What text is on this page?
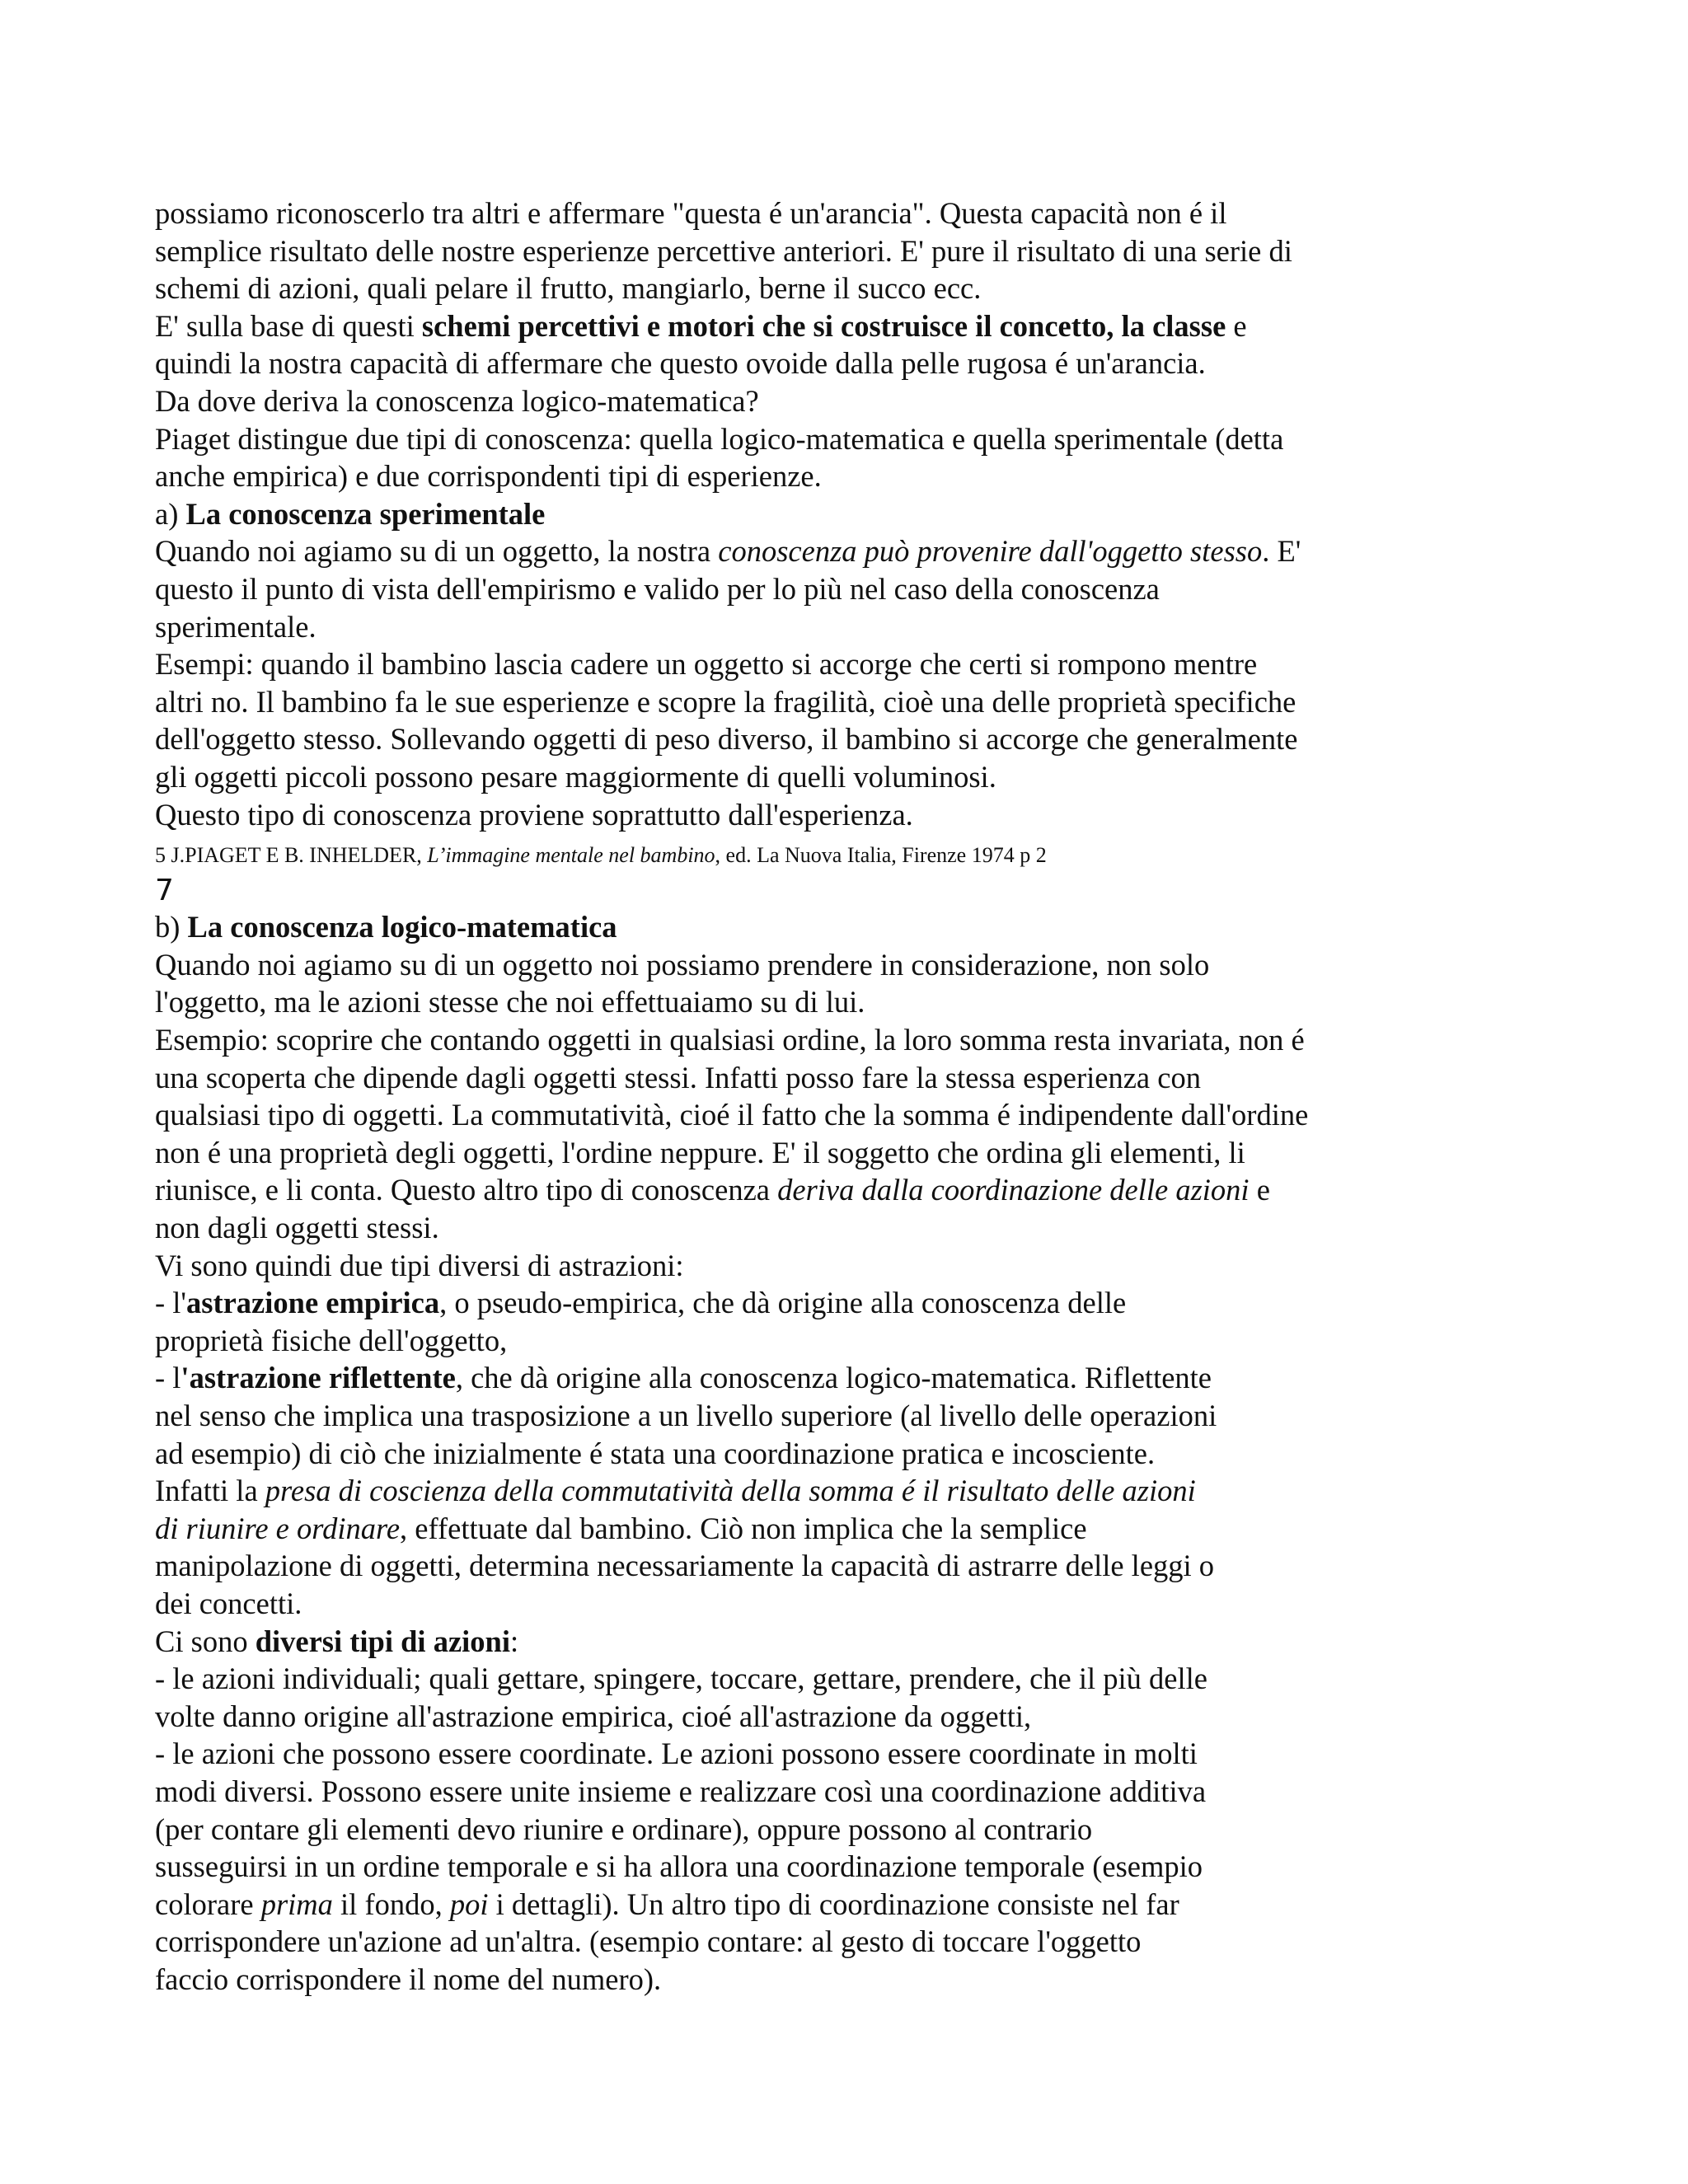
possiamo riconoscerlo tra altri e affermare "questa é un'arancia". Questa capacità non é il
semplice risultato delle nostre esperienze percettive anteriori. E' pure il risultato di una serie di
schemi di azioni, quali pelare il frutto, mangiarlo, berne il succo ecc.
E' sulla base di questi schemi percettivi e motori che si costruisce il concetto, la classe e
quindi la nostra capacità di affermare che questo ovoide dalla pelle rugosa é un'arancia.
Da dove deriva la conoscenza logico-matematica?
Piaget distingue due tipi di conoscenza: quella logico-matematica e quella sperimentale (detta
anche empirica) e due corrispondenti tipi di esperienze.
a) La conoscenza sperimentale
Quando noi agiamo su di un oggetto, la nostra conoscenza può provenire dall'oggetto stesso. E'
questo il punto di vista dell'empirismo e valido per lo più nel caso della conoscenza
sperimentale.
Esempi: quando il bambino lascia cadere un oggetto si accorge che certi si rompono mentre
altri no. Il bambino fa le sue esperienze e scopre la fragilità, cioè una delle proprietà specifiche
dell'oggetto stesso. Sollevando oggetti di peso diverso, il bambino si accorge che generalmente
gli oggetti piccoli possono pesare maggiormente di quelli voluminosi.
Questo tipo di conoscenza proviene soprattutto dall'esperienza.
5 J.PIAGET E B. INHELDER, L’immagine mentale nel bambino, ed. La Nuova Italia, Firenze 1974 p 2
7
b) La conoscenza logico-matematica
Quando noi agiamo su di un oggetto noi possiamo prendere in considerazione, non solo
l'oggetto, ma le azioni stesse che noi effettuaiamo su di lui.
Esempio: scoprire che contando oggetti in qualsiasi ordine, la loro somma resta invariata, non é
una scoperta che dipende dagli oggetti stessi. Infatti posso fare la stessa esperienza con
qualsiasi tipo di oggetti. La commutatività, cioé il fatto che la somma é indipendente dall'ordine
non é una proprietà degli oggetti, l'ordine neppure. E' il soggetto che ordina gli elementi, li
riunisce, e li conta. Questo altro tipo di conoscenza deriva dalla coordinazione delle azioni e
non dagli oggetti stessi.
Vi sono quindi due tipi diversi di astrazioni:
- l'astrazione empirica, o pseudo-empirica, che dà origine alla conoscenza delle
proprietà fisiche dell'oggetto,
- l'astrazione riflettente, che dà origine alla conoscenza logico-matematica. Riflettente
nel senso che implica una trasposizione a un livello superiore (al livello delle operazioni
ad esempio) di ciò che inizialmente é stata una coordinazione pratica e incosciente.
Infatti la presa di coscienza della commutatività della somma é il risultato delle azioni
di riunire e ordinare, effettuate dal bambino. Ciò non implica che la semplice
manipolazione di oggetti, determina necessariamente la capacità di astrarre delle leggi o
dei concetti.
Ci sono diversi tipi di azioni:
- le azioni individuali; quali gettare, spingere, toccare, gettare, prendere, che il più delle
volte danno origine all'astrazione empirica, cioé all'astrazione da oggetti,
- le azioni che possono essere coordinate. Le azioni possono essere coordinate in molti
modi diversi. Possono essere unite insieme e realizzare così una coordinazione additiva
(per contare gli elementi devo riunire e ordinare), oppure possono al contrario
susseguirsi in un ordine temporale e si ha allora una coordinazione temporale (esempio
colorare prima il fondo, poi i dettagli). Un altro tipo di coordinazione consiste nel far
corrispondere un'azione ad un'altra. (esempio contare: al gesto di toccare l'oggetto
faccio corrispondere il nome del numero).
